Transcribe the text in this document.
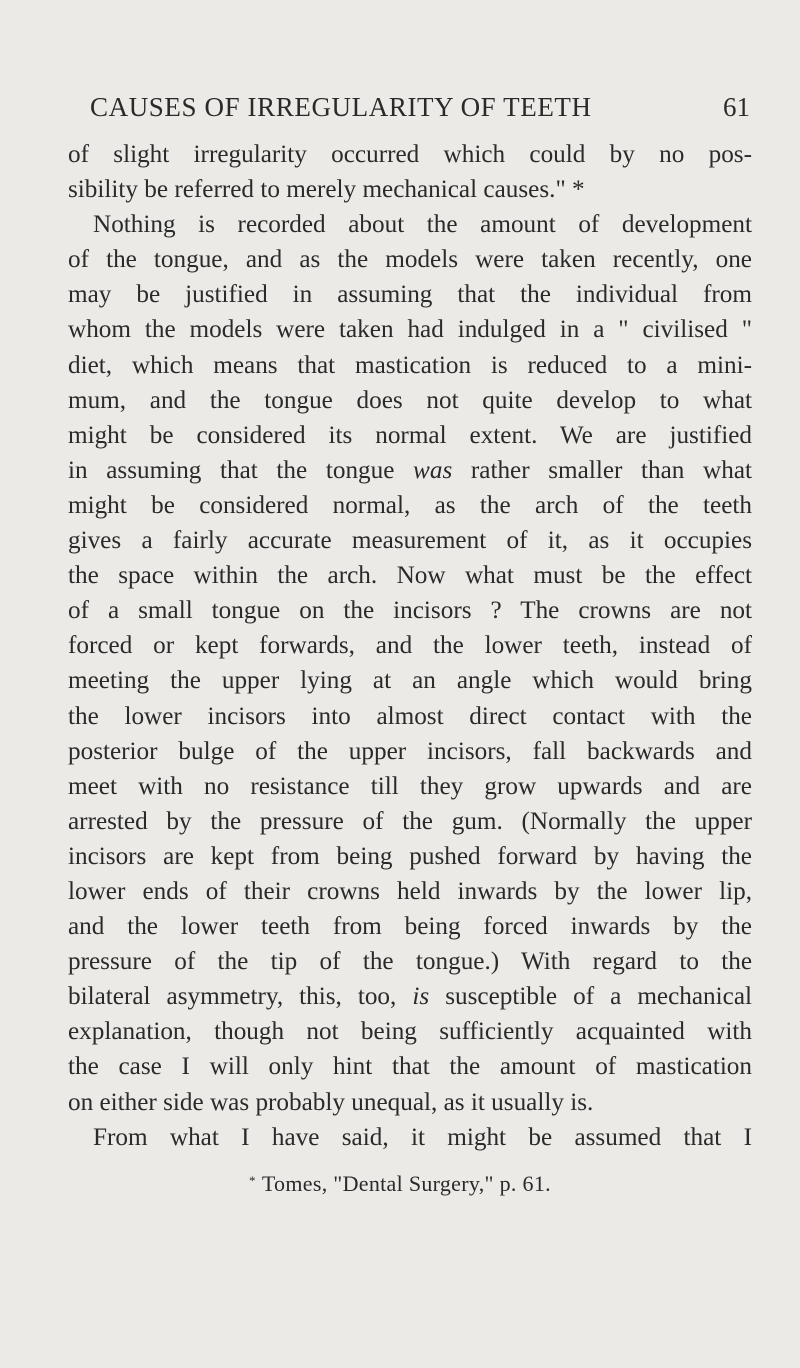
CAUSES OF IRREGULARITY OF TEETH	61
of slight irregularity occurred which could by no pos-
sibility be referred to merely mechanical causes." *
Nothing is recorded about the amount of development
of the tongue, and as the models were taken recently, one
may be justified in assuming that the individual from
whom the models were taken had indulged in a " civilised "
diet, which means that mastication is reduced to a mini-
mum, and the tongue does not quite develop to what
might be considered its normal extent. We are justified
in assuming that the tongue was rather smaller than what
might be considered normal, as the arch of the teeth
gives a fairly accurate measurement of it, as it occupies
the space within the arch. Now what must be the effect
of a small tongue on the incisors ? The crowns are not
forced or kept forwards, and the lower teeth, instead of
meeting the upper lying at an angle which would bring
the lower incisors into almost direct contact with the
posterior bulge of the upper incisors, fall backwards and
meet with no resistance till they grow upwards and are
arrested by the pressure of the gum. (Normally the upper
incisors are kept from being pushed forward by having the
lower ends of their crowns held inwards by the lower lip,
and the lower teeth from being forced inwards by the
pressure of the tip of the tongue.) With regard to the
bilateral asymmetry, this, too, is susceptible of a mechanical
explanation, though not being sufficiently acquainted with
the case I will only hint that the amount of mastication
on either side was probably unequal, as it usually is.
From what I have said, it might be assumed that I
* Tomes, "Dental Surgery," p. 61.
